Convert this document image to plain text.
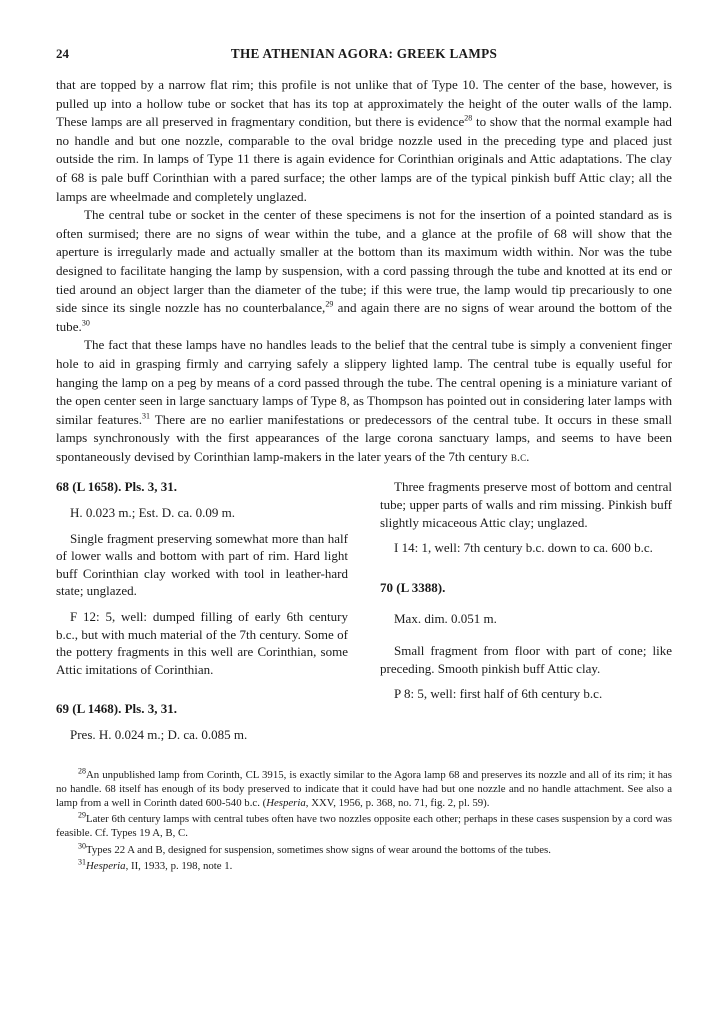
24	THE ATHENIAN AGORA: GREEK LAMPS

that are topped by a narrow flat rim; this profile is not unlike that of Type 10. The center of the base, however, is pulled up into a hollow tube or socket that has its top at approximately the height of the outer walls of the lamp. These lamps are all preserved in fragmentary condition, but there is evidence$^{28}$ to show that the normal example had no handle and but one nozzle, comparable to the oval bridge nozzle used in the preceding type and placed just outside the rim. In lamps of Type 11 there is again evidence for Corinthian originals and Attic adaptations. The clay of 68 is pale buff Corinthian with a pared surface; the other lamps are of the typical pinkish buff Attic clay; all the lamps are wheelmade and completely unglazed.

The central tube or socket in the center of these specimens is not for the insertion of a pointed standard as is often surmised; there are no signs of wear within the tube, and a glance at the profile of 68 will show that the aperture is irregularly made and actually smaller at the bottom than its maximum width within. Nor was the tube designed to facilitate hanging the lamp by suspension, with a cord passing through the tube and knotted at its end or tied around an object larger than the diameter of the tube; if this were true, the lamp would tip precariously to one side since its single nozzle has no counterbalance,$^{29}$ and again there are no signs of wear around the bottom of the tube.$^{30}$

The fact that these lamps have no handles leads to the belief that the central tube is simply a convenient finger hole to aid in grasping firmly and carrying safely a slippery lighted lamp. The central tube is equally useful for hanging the lamp on a peg by means of a cord passed through the tube. The central opening is a miniature variant of the open center seen in large sanctuary lamps of Type 8, as Thompson has pointed out in considering later lamps with similar features.$^{31}$ There are no earlier manifestations or predecessors of the central tube. It occurs in these small lamps synchronously with the first appearances of the large corona sanctuary lamps, and seems to have been spontaneously devised by Corinthian lamp-makers in the later years of the 7th century b.c.

68 (L 1658). Pls. 3, 31.

H. 0.023 m.; Est. D. ca. 0.09 m.

Single fragment preserving somewhat more than half of lower walls and bottom with part of rim. Hard light buff Corinthian clay worked with tool in leather-hard state; unglazed.

F 12: 5, well: dumped filling of early 6th century b.c., but with much material of the 7th century. Some of the pottery fragments in this well are Corinthian, some Attic imitations of Corinthian.

69 (L 1468). Pls. 3, 31.

Pres. H. 0.024 m.; D. ca. 0.085 m.

Three fragments preserve most of bottom and central tube; upper parts of walls and rim missing. Pinkish buff slightly micaceous Attic clay; unglazed.

I 14: 1, well: 7th century b.c. down to ca. 600 b.c.

70 (L 3388).

Max. dim. 0.051 m.

Small fragment from floor with part of cone; like preceding. Smooth pinkish buff Attic clay.

P 8: 5, well: first half of 6th century b.c.

$^{28}$An unpublished lamp from Corinth, CL 3915, is exactly similar to the Agora lamp 68 and preserves its nozzle and all of its rim; it has no handle. 68 itself has enough of its body preserved to indicate that it could have had but one nozzle and no handle attachment. See also a lamp from a well in Corinth dated 600-540 b.c. (Hesperia, XXV, 1956, p. 368, no. 71, fig. 2, pl. 59).

$^{29}$Later 6th century lamps with central tubes often have two nozzles opposite each other; perhaps in these cases suspension by a cord was feasible. Cf. Types 19 A, B, C.

$^{30}$Types 22 A and B, designed for suspension, sometimes show signs of wear around the bottoms of the tubes.

$^{31}$Hesperia, II, 1933, p. 198, note 1.
